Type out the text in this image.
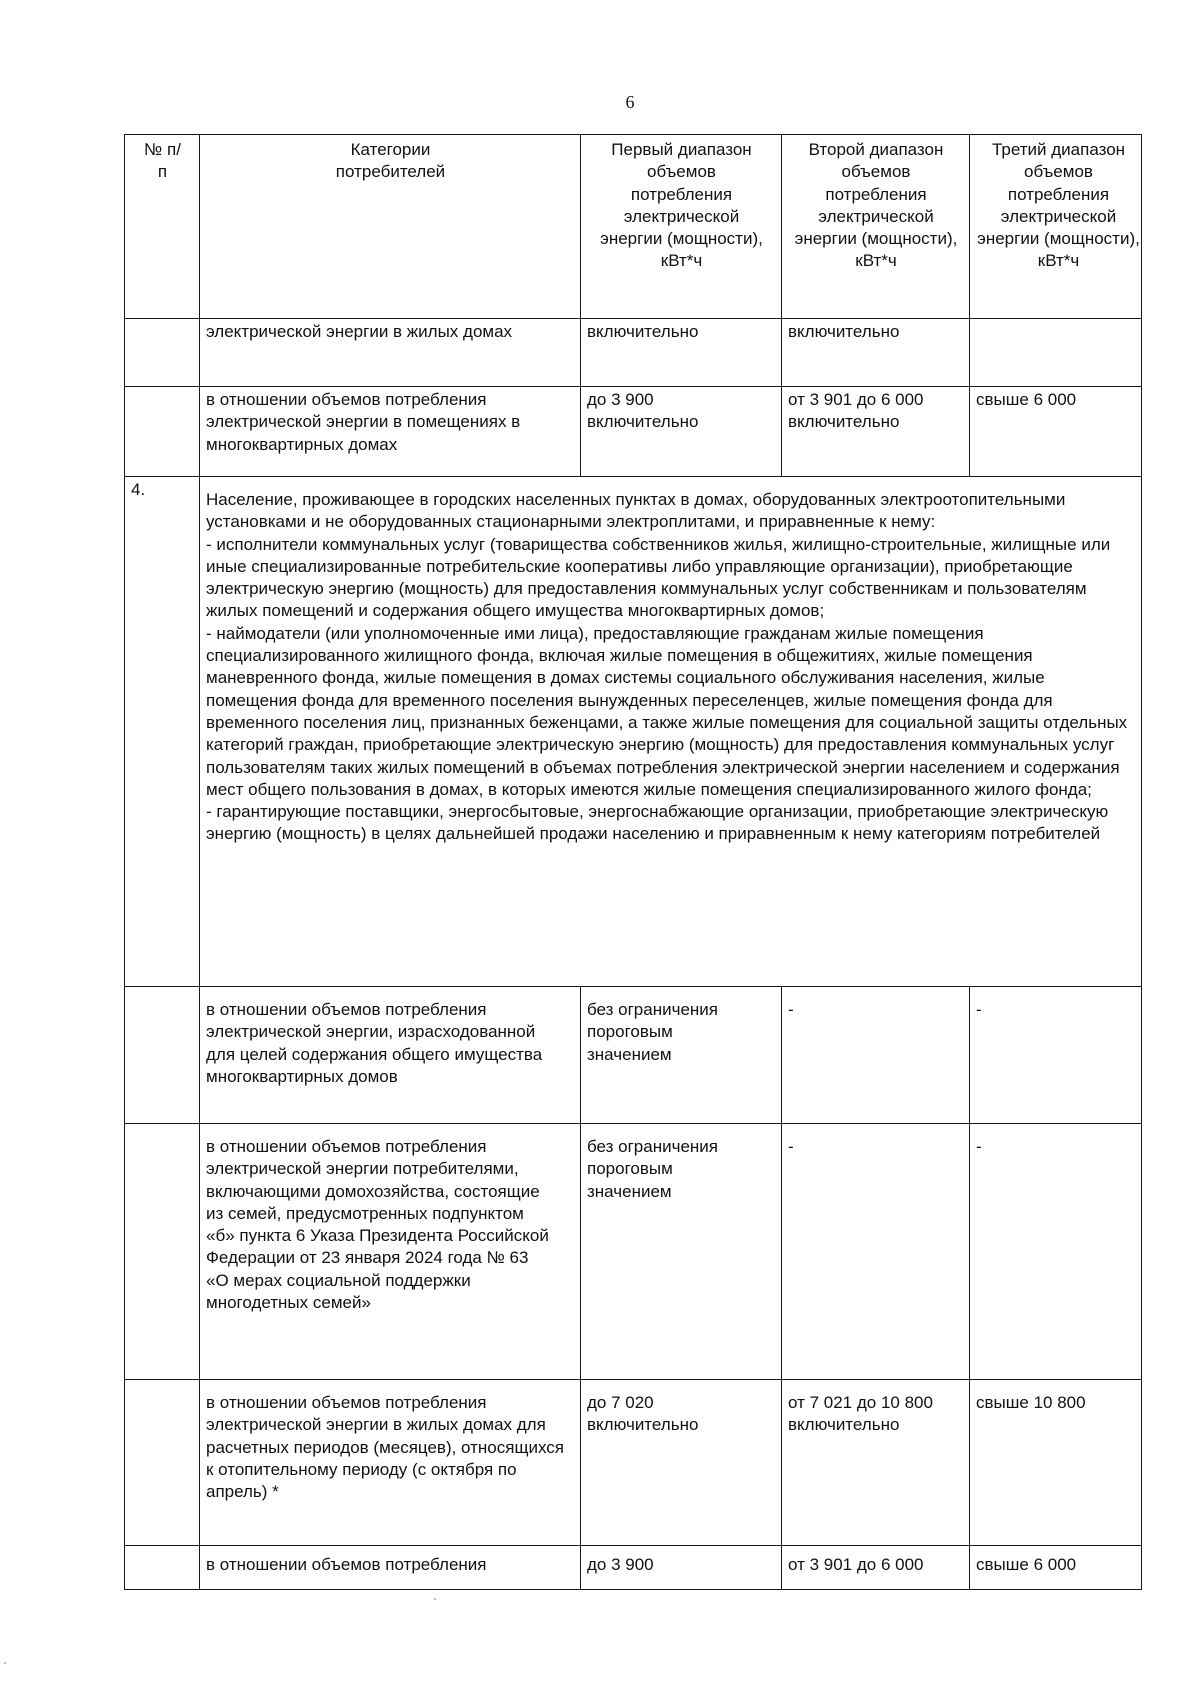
6
№ п/п	Категории потребителей	Первый диапазон объемов потребления электрической энергии (мощности), кВт*ч	Второй диапазон объемов потребления электрической энергии (мощности), кВт*ч	Третий диапазон объемов потребления электрической энергии (мощности), кВт*ч

	электрической энергии в жилых домах	включительно	включительно	
	в отношении объемов потребления электрической энергии в помещениях в многоквартирных домах	до 3 900 включительно	от 3 901 до 6 000 включительно	свыше 6 000
4.	Население, проживающее в городских населенных пунктах в домах, оборудованных электроотопительными установками и не оборудованных стационарными электроплитами, и приравненные к нему:
- исполнители коммунальных услуг (товарищества собственников жилья, жилищно-строительные, жилищные или иные специализированные потребительские кооперативы либо управляющие организации), приобретающие электрическую энергию (мощность) для предоставления коммунальных услуг собственникам и пользователям жилых помещений и содержания общего имущества многоквартирных домов;
- наймодатели (или уполномоченные ими лица), предоставляющие гражданам жилые помещения специализированного жилищного фонда, включая жилые помещения в общежитиях, жилые помещения маневренного фонда, жилые помещения в домах системы социального обслуживания населения, жилые помещения фонда для временного поселения вынужденных переселенцев, жилые помещения фонда для временного поселения лиц, признанных беженцами, а также жилые помещения для социальной защиты отдельных категорий граждан, приобретающие электрическую энергию (мощность) для предоставления коммунальных услуг пользователям таких жилых помещений в объемах потребления электрической энергии населением и содержания мест общего пользования в домах, в которых имеются жилые помещения специализированного жилого фонда;
- гарантирующие поставщики, энергосбытовые, энергоснабжающие организации, приобретающие электрическую энергию (мощность) в целях дальнейшей продажи населению и приравненным к нему категориям потребителей			

	в отношении объемов потребления электрической энергии, израсходованной для целей содержания общего имущества многоквартирных домов	без ограничения пороговым значением	-	-

	в отношении объемов потребления электрической энергии потребителями, включающими домохозяйства, состоящие из семей, предусмотренных подпунктом «б» пункта 6 Указа Президента Российской Федерации от 23 января 2024 года № 63
«О мерах социальной поддержки многодетных семей»	без ограничения пороговым значением	-	-

	в отношении объемов потребления электрической энергии в жилых домах для расчетных периодов (месяцев), относящихся к отопительному периоду (с октября по апрель) *	до 7 020 включительно	от 7 021 до 10 800 включительно	свыше 10 800
	в отношении объемов потребления	до 3 900	от 3 901 до 6 000	свыше 6 000
